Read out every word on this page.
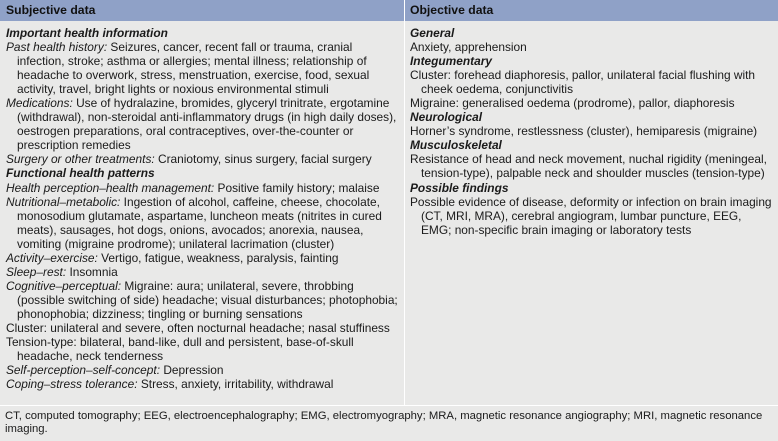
Subjective data	Objective data
Important health information

Past health history: Seizures, cancer, recent fall or trauma, cranial infection, stroke; asthma or allergies; mental illness; relationship of headache to overwork, stress, menstruation, exercise, food, sexual activity, travel, bright lights or noxious environmental stimuli

Medications: Use of hydralazine, bromides, glyceryl trinitrate, ergotamine (withdrawal), non-steroidal anti-inflammatory drugs (in high daily doses), oestrogen preparations, oral contraceptives, over-the-counter or prescription remedies

Surgery or other treatments: Craniotomy, sinus surgery, facial surgery

Functional health patterns

Health perception–health management: Positive family history; malaise

Nutritional–metabolic: Ingestion of alcohol, caffeine, cheese, chocolate, monosodium glutamate, aspartame, luncheon meats (nitrites in cured meats), sausages, hot dogs, onions, avocados; anorexia, nausea, vomiting (migraine prodrome); unilateral lacrimation (cluster)

Activity–exercise: Vertigo, fatigue, weakness, paralysis, fainting

Sleep–rest: Insomnia

Cognitive–perceptual: Migraine: aura; unilateral, severe, throbbing (possible switching of side) headache; visual disturbances; photophobia; phonophobia; dizziness; tingling or burning sensations

Cluster: unilateral and severe, often nocturnal headache; nasal stuffiness

Tension-type: bilateral, band-like, dull and persistent, base-of-skull headache, neck tenderness

Self-perception–self-concept: Depression

Coping–stress tolerance: Stress, anxiety, irritability, withdrawal

General

Anxiety, apprehension

Integumentary

Cluster: forehead diaphoresis, pallor, unilateral facial flushing with cheek oedema, conjunctivitis

Migraine: generalised oedema (prodrome), pallor, diaphoresis

Neurological

Horner’s syndrome, restlessness (cluster), hemiparesis (migraine)

Musculoskeletal

Resistance of head and neck movement, nuchal rigidity (meningeal, tension-type), palpable neck and shoulder muscles (tension-type)

Possible findings

Possible evidence of disease, deformity or infection on brain imaging (CT, MRI, MRA), cerebral angiogram, lumbar puncture, EEG, EMG; non-specific brain imaging or laboratory tests

CT, computed tomography; EEG, electroencephalography; EMG, electromyography; MRA, magnetic resonance angiography; MRI, magnetic resonance imaging.
